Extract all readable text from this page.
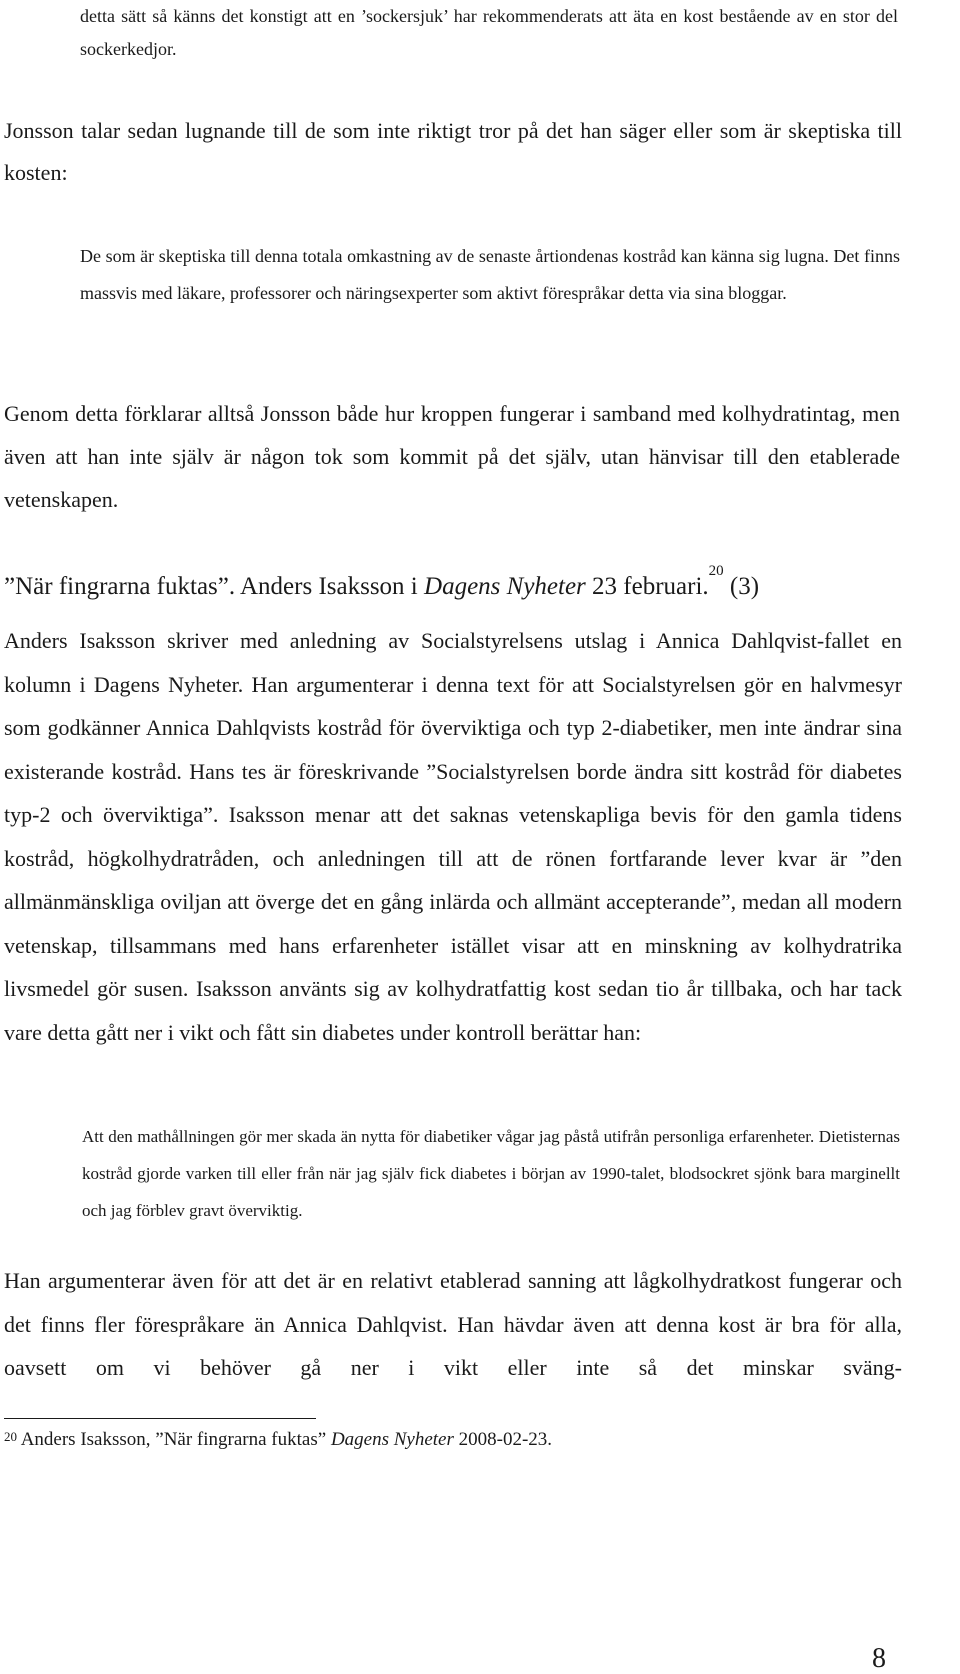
detta sätt så känns det konstigt att en ’sockersjuk’ har rekommenderats att äta en kost bestående av en stor del sockerkedjor.

Jonsson talar sedan lugnande till de som inte riktigt tror på det han säger eller som är skeptiska till kosten:

De som är skeptiska till denna totala omkastning av de senaste årtiondenas kostråd kan känna sig lugna. Det finns massvis med läkare, professorer och näringsexperter som aktivt förespråkar detta via sina bloggar.

Genom detta förklarar alltså Jonsson både hur kroppen fungerar i samband med kolhydratintag, men även att han inte själv är någon tok som kommit på det själv, utan hänvisar till den etablerade vetenskapen.

”När fingrarna fuktas”. Anders Isaksson i Dagens Nyheter 23 februari.$^{20}$ (3)

Anders Isaksson skriver med anledning av Socialstyrelsens utslag i Annica Dahlqvist-fallet en kolumn i Dagens Nyheter. Han argumenterar i denna text för att Socialstyrelsen gör en halvmesyr som godkänner Annica Dahlqvists kostråd för överviktiga och typ 2-diabetiker, men inte ändrar sina existerande kostråd. Hans tes är föreskrivande ”Socialstyrelsen borde ändra sitt kostråd för diabetes typ-2 och överviktiga”. Isaksson menar att det saknas vetenskapliga bevis för den gamla tidens kostråd, högkolhydratråden, och anledningen till att de rönen fortfarande lever kvar är ”den allmänmänskliga oviljan att överge det en gång inlärda och allmänt accepterande”, medan all modern vetenskap, tillsammans med hans erfarenheter istället visar att en minskning av kolhydratrika livsmedel gör susen. Isaksson använts sig av kolhydratfattig kost sedan tio år tillbaka, och har tack vare detta gått ner i vikt och fått sin diabetes under kontroll berättar han:

Att den mathållningen gör mer skada än nytta för diabetiker vågar jag påstå utifrån personliga erfarenheter. Dietisternas kostråd gjorde varken till eller från när jag själv fick diabetes i början av 1990-talet, blodsockret sjönk bara marginellt och jag förblev gravt överviktig.

Han argumenterar även för att det är en relativt etablerad sanning att lågkolhydratkost fungerar och det finns fler förespråkare än Annica Dahlqvist. Han hävdar även att denna kost är bra för alla, oavsett om vi behöver gå ner i vikt eller inte så det minskar sväng-

$^{20}$ Anders Isaksson, ”När fingrarna fuktas” Dagens Nyheter 2008-02-23.
8
